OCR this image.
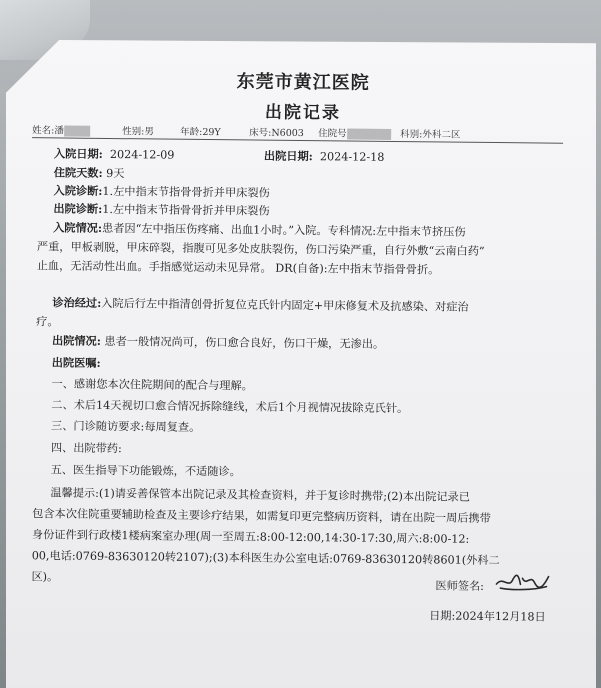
东莞市黄江医院
出院记录
姓名:潘	性别:男	年龄:29Y	床号:N6003 住院号	科别:外科二区
入院日期: 2024-12-09	出院日期: 2024-12-18
住院天数: 9天
入院诊断:1.左中指末节指骨骨折并甲床裂伤
出院诊断:1.左中指末节指骨骨折并甲床裂伤
入院情况:患者因“左中指压伤疼痛、出血1小时。”入院。专科情况:左中指末节挤压伤
严重，甲板剥脱，甲床碎裂，指腹可见多处皮肤裂伤，伤口污染严重，自行外敷“云南白药”
止血，无活动性出血。手指感觉运动未见异常。 DR(自备):左中指末节指骨骨折。
诊治经过:入院后行左中指清创骨折复位克氏针内固定+甲床修复术及抗感染、对症治
疗。
出院情况: 患者一般情况尚可，伤口愈合良好，伤口干燥，无渗出。
出院医嘱:
一、感谢您本次住院期间的配合与理解。
二、术后14天视切口愈合情况拆除缝线，术后1个月视情况拔除克氏针。
三、门诊随访要求:每周复查。
四、出院带药:
五、医生指导下功能锻炼，不适随诊。
温馨提示:(1)请妥善保管本出院记录及其检查资料，并于复诊时携带;(2)本出院记录已
包含本次住院重要辅助检查及主要诊疗结果，如需复印更完整病历资料，请在出院一周后携带
身份证件到行政楼1楼病案室办理(周一至周五:8:00-12:00,14:30-17:30,周六:8:00-12:
00,电话:0769-83630120转2107);(3)本科医生办公室电话:0769-83630120转8601(外科二
区)。
医师签名:
日期:2024年12月18日
